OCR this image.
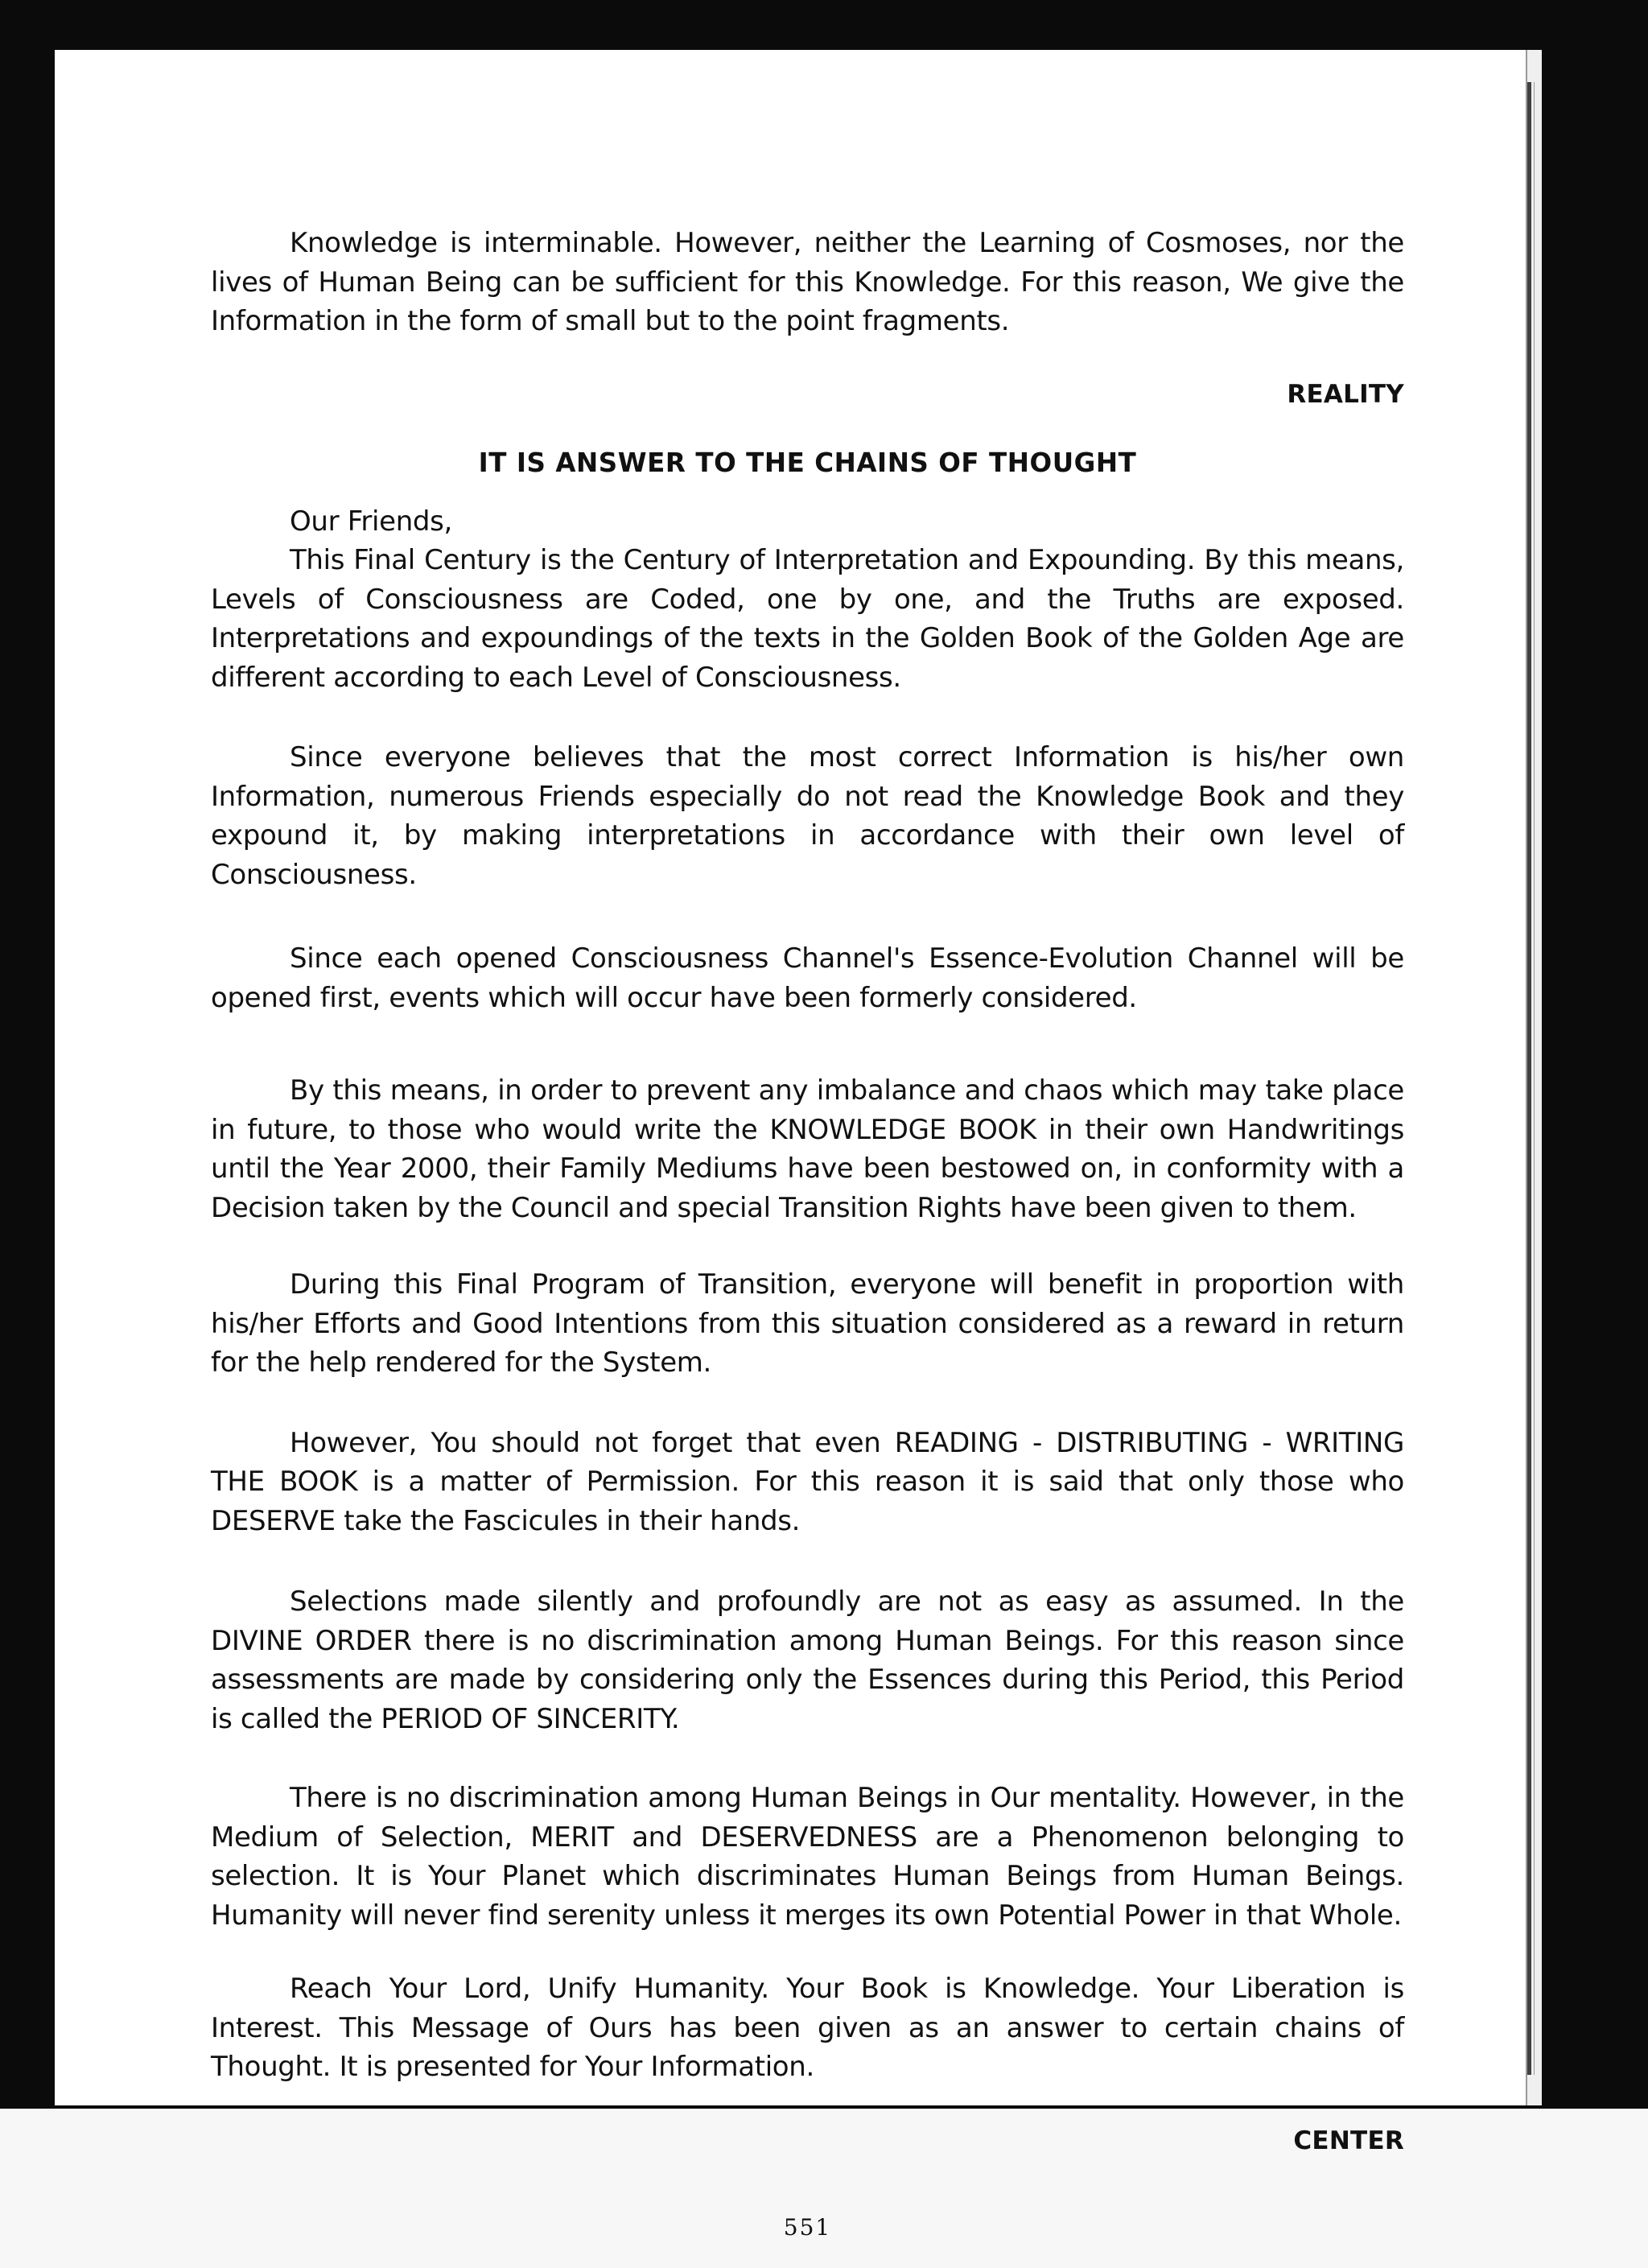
Knowledge is interminable. However, neither the Learning of Cosmoses, nor the lives of Human Being can be sufficient for this Knowledge. For this reason, We give the Information in the form of small but to the point fragments.

REALITY

IT IS ANSWER TO THE CHAINS OF THOUGHT

Our Friends,

This Final Century is the Century of Interpretation and Expounding. By this means, Levels of Consciousness are Coded, one by one, and the Truths are exposed. Interpretations and expoundings of the texts in the Golden Book of the Golden Age are different according to each Level of Consciousness.

Since everyone believes that the most correct Information is his/her own Information, numerous Friends especially do not read the Knowledge Book and they expound it, by making interpretations in accordance with their own level of Consciousness.

Since each opened Consciousness Channel's Essence-Evolution Channel will be opened first, events which will occur have been formerly considered.

By this means, in order to prevent any imbalance and chaos which may take place in future, to those who would write the KNOWLEDGE BOOK in their own Handwritings until the Year 2000, their Family Mediums have been bestowed on, in conformity with a Decision taken by the Council and special Transition Rights have been given to them.

During this Final Program of Transition, everyone will benefit in proportion with his/her Efforts and Good Intentions from this situation considered as a reward in return for the help rendered for the System.

However, You should not forget that even READING - DISTRIBUTING - WRITING THE BOOK is a matter of Permission. For this reason it is said that only those who DESERVE take the Fascicules in their hands.

Selections made silently and profoundly are not as easy as assumed. In the DIVINE ORDER there is no discrimination among Human Beings. For this reason since assessments are made by considering only the Essences during this Period, this Period is called the PERIOD OF SINCERITY.

There is no discrimination among Human Beings in Our mentality. However, in the Medium of Selection, MERIT and DESERVEDNESS are a Phenomenon belonging to selection. It is Your Planet which discriminates Human Beings from Human Beings. Humanity will never find serenity unless it merges its own Potential Power in that Whole.

Reach Your Lord, Unify Humanity. Your Book is Knowledge. Your Liberation is Interest. This Message of Ours has been given as an answer to certain chains of Thought. It is presented for Your Information.

CENTER

551
